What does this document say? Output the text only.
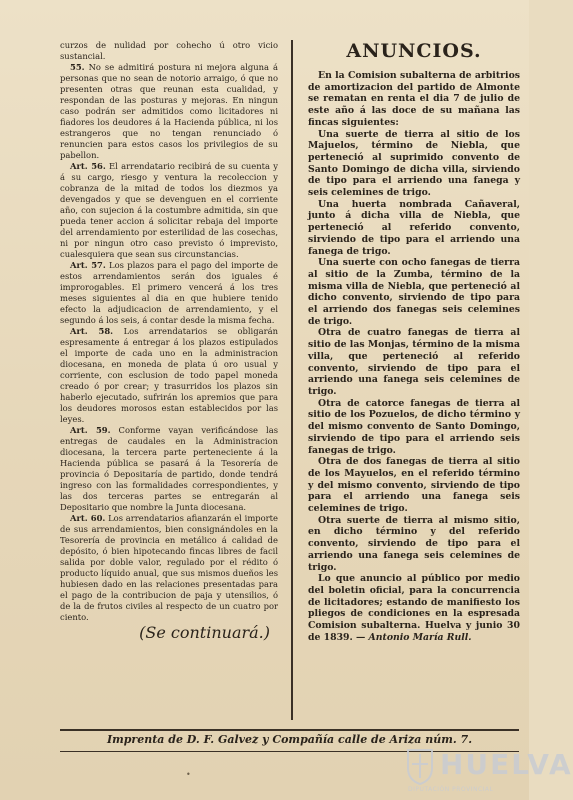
curzos de nulidad por cohecho ú otro vicio sustancial.

55. No se admitirá postura ni mejora alguna á personas que no sean de notorio arraigo, ó que no presenten otras que reunan esta cualidad, y respondan de las posturas y mejoras. En ningun caso podrán ser admitidos como licitadores ni fiadores los deudores á la Hacienda pública, ni los estrangeros que no tengan renunciado ó renuncien para estos casos los privilegios de su pabellon.

Art. 56. El arrendatario recibirá de su cuenta y á su cargo, riesgo y ventura la recoleccion y cobranza de la mitad de todos los diezmos ya devengados y que se devenguen en el corriente año, con sujecion á la costumbre admitida, sin que pueda tener accion á solicitar rebaja del importe del arrendamiento por esterilidad de las cosechas, ni por ningun otro caso previsto ó imprevisto, cualesquiera que sean sus circunstancias.

Art. 57. Los plazos para el pago del importe de estos arrendamientos serán dos iguales é improrogables. El primero vencerá á los tres meses siguientes al dia en que hubiere tenido efecto la adjudicacion de arrendamiento, y el segundo á los seis, á contar desde la misma fecha.

Art. 58. Los arrendatarios se obligarán espresamente á entregar á los plazos estipulados el importe de cada uno en la administracion diocesana, en moneda de plata ú oro usual y corriente, con esclusion de todo papel moneda creado ó por crear; y trasurridos los plazos sin haberlo ejecutado, sufrirán los apremios que para los deudores morosos estan establecidos por las leyes.

Art. 59. Conforme vayan verificándose las entregas de caudales en la Administracion diocesana, la tercera parte perteneciente á la Hacienda pública se pasará á la Tesorería de provincia ó Depositaría de partido, donde tendrá ingreso con las formalidades correspondientes, y las dos terceras partes se entregarán al Depositario que nombre la Junta diocesana.

Art. 60. Los arrendatarios afianzarán el importe de sus arrendamientos, bien consignándoles en la Tesorería de provincia en metálico á calidad de depósito, ó bien hipotecando fincas libres de facil salida por doble valor, regulado por el rédito ó producto líquido anual, que sus mismos dueños les hubiesen dado en las relaciones presentadas para el pago de la contribucion de paja y utensilios, ó de la de frutos civiles al respecto de un cuatro por ciento.

(Se continuará.)
ANUNCIOS.

En la Comision subalterna de arbitrios de amortizacion del partido de Almonte se rematan en renta el dia 7 de julio de este año á las doce de su mañana las fincas siguientes:

Una suerte de tierra al sitio de los Majuelos, término de Niebla, que perteneció al suprimido convento de Santo Domingo de dicha villa, sirviendo de tipo para el arriendo una fanega y seis celemines de trigo.

Una huerta nombrada Cañaveral, junto á dicha villa de Niebla, que perteneció al referido convento, sirviendo de tipo para el arriendo una fanega de trigo.

Una suerte con ocho fanegas de tierra al sitio de la Zumba, término de la misma villa de Niebla, que perteneció al dicho convento, sirviendo de tipo para el arriendo dos fanegas seis celemines de trigo.

Otra de cuatro fanegas de tierra al sitio de las Monjas, término de la misma villa, que perteneció al referido convento, sirviendo de tipo para el arriendo una fanega seis celemines de trigo.

Otra de catorce fanegas de tierra al sitio de los Pozuelos, de dicho término y del mismo convento de Santo Domingo, sirviendo de tipo para el arriendo seis fanegas de trigo.

Otra de dos fanegas de tierra al sitio de los Mayuelos, en el referido término y del mismo convento, sirviendo de tipo para el arriendo una fanega seis celemines de trigo.

Otra suerte de tierra al mismo sitio, en dicho término y del referido convento, sirviendo de tipo para el arriendo una fanega seis celemines de trigo.

Lo que anuncio al público por medio del boletin oficial, para la concurrencia de licitadores; estando de manifiesto los pliegos de condiciones en la espresada Comision subalterna. Huelva y junio 30 de 1839. — Antonio María Rull.

Imprenta de D. F. Galvez y Compañía calle de Ariza núm. 7.
•	HUELVA
DIPUTACIÓN PROVINCIAL
